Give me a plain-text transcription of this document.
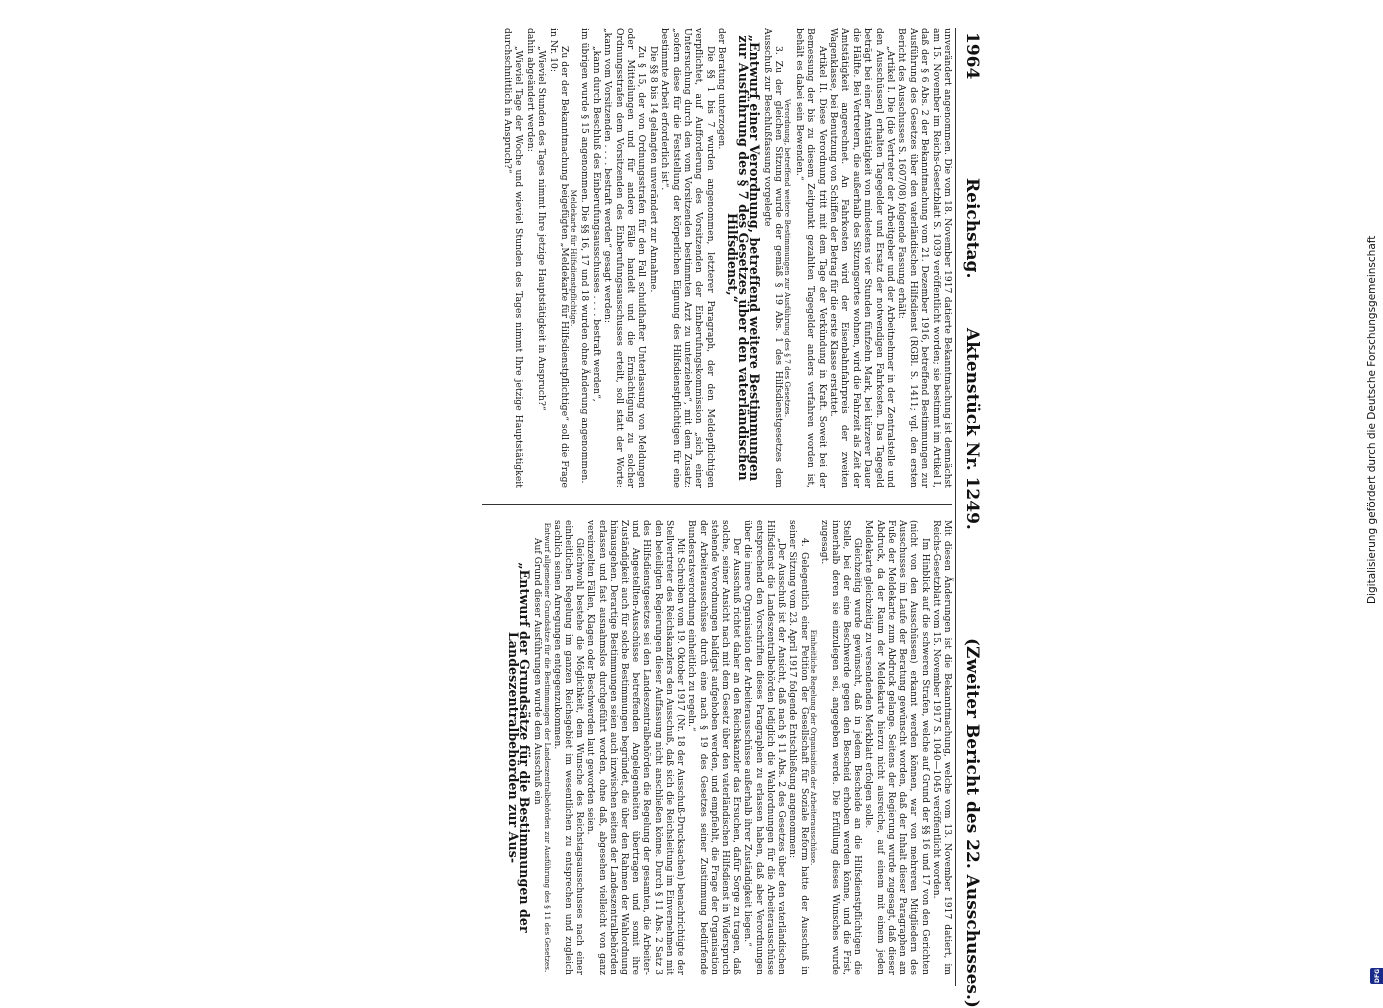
1964
Reichstag.
Aktenstück Nr. 1249.
(Zweiter Bericht des 22. Ausschusses.)

unverändert angenommen. Die vom 18. November 1917 datierte Bekanntmachung ist demnächst am 15. November im Reichs-Gesetzblatt S. 1039 veröffentlicht worden; sie bestimmt im Artikel I, daß der § 6 Abs. 2 der Bekanntmachung vom 21. Dezember 1916, betreffend Bestimmungen zur Ausführung des Gesetzes über den vaterländischen Hilfsdienst (RGBl. S. 1411; vgl. den ersten Bericht des Ausschusses S. 1607/08) folgende Fassung erhält:

„Artikel I. Die [die Vertreter der Arbeitgeber und der Arbeitnehmer in der Zentralstelle und den Ausschüssen] erhalten Tagegelder und Ersatz der notwendigen Fahrkosten. Das Tagegeld beträgt bei einer Amtstätigkeit von mindestens vier Stunden fünfzehn Mark, bei kürzerer Dauer die Hälfte. Bei Vertretern, die außerhalb des Sitzungsortes wohnen, wird die Fahrzeit als Zeit der Amtstätigkeit angerechnet. An Fahrkosten wird der Eisenbahnfahrpreis der zweiten Wagenklasse, bei Benutzung von Schiffen der Betrag für die erste Klasse erstattet.

Artikel II. Diese Verordnung tritt mit dem Tage der Verkündung in Kraft. Soweit bei der Bemessung der bis zu diesem Zeitpunkt gezahlten Tagegelder anders verfahren worden ist, behält es dabei sein Bewenden.“

Verordnung, betreffend weitere Bestimmungen zur Ausführung des § 7 des Gesetzes.

3. Zu der gleichen Sitzung wurde der gemäß § 19 Abs. 1 des Hilfsdienstgesetzes dem Ausschuß zur Beschlußfassung vorgelegte

„Entwurf einer Verordnung, betreffend weitere Bestimmungen zur Ausführung des § 7 des Gesetzes über den vaterländischen Hilfsdienst,“

der Beratung unterzogen.

Die §§ 1 bis 7 wurden angenommen, letzterer Paragraph, der den Meldepflichtigen verpflichtet, auf Aufforderung des Vorsitzenden der Einberufungskommission „sich einer Untersuchung durch den vom Vorsitzenden bestimmten Arzt zu unterziehen“, mit dem Zusatz: „sofern diese für die Feststellung der körperlichen Eignung des Hilfsdienstpflichtigen für eine bestimmte Arbeit erforderlich ist“.

Die §§ 8 bis 14 gelangten unverändert zur Annahme.

Zu § 15, der von Ordnungsstrafen für den Fall schuldhafter Unterlassung von Meldungen oder Mitteilungen und für andere Fälle handelt und die Ermächtigung zu solcher Ordnungsstrafen dem Vorsitzenden des Einberufungsausschusses erteilt, soll statt der Worte: „kann vom Vorsitzenden . . . . bestraft werden“ gesagt werden:

„kann durch Beschluß des Einberufungsausschusses . . . . bestraft werden“,

im übrigen wurde § 15 angenommen. Die §§ 16, 17 und 18 wurden ohne Änderung angenommen.

Meldekarte für Hilfsdienstpflichtige.

Zu der der Bekanntmachung beigefügten „Meldekarte für Hilfsdienstpflichtige“ soll die Frage in Nr. 10:

„Wieviel Stunden des Tages nimmt Ihre jetzige Hauptstätigkeit in Anspruch?“

dahin abgeändert werden:

„Wieviel Tage der Woche und wieviel Stunden des Tages nimmt Ihre jetzige Hauptstätigkeit durchschnittlich in Anspruch?“

Mit diesen Änderungen ist die Bekanntmachung, welche vom 13. November 1917 datiert, im Reichs-Gesetzblatt vom 15. November 1917 S. 1040—1045 veröffentlicht worden.

Im Hinblick auf die schweren Strafen, welche auf Grund der §§ 16 und 17 von den Gerichten (nicht von den Ausschüssen) erkannt werden können, war von mehreren Mitgliedern des Ausschusses im Laufe der Beratung gewünscht worden, daß der Inhalt dieser Paragraphen am Fuße der Meldekarte zum Abdruck gelange. Seitens der Regierung wurde zugesagt, daß dieser Abdruck, da der Raum der Meldekarte hierzu nicht ausreiche, auf einem mit einem jeden Meldekarte gleichzeitig zu versendenden Merkblatt erfolgen solle.

Gleichzeitig wurde gewünscht, daß in jedem Bescheide an die Hilfsdienstpflichtigen die Stelle, bei der eine Beschwerde gegen den Bescheid erhoben werden könne, und die Frist, innerhalb deren sie einzulegen sei, angegeben werde. Die Erfüllung dieses Wunsches wurde zugesagt.

Einheitliche Regelung der Organisation der Arbeiterausschüsse.

4. Gelegentlich einer Petition der Gesellschaft für Soziale Reform hatte der Ausschuß in seiner Sitzung vom 23. April 1917 folgende Entschließung angenommen:

„Der Ausschuß ist der Ansicht, daß nach § 11 Abs. 2 des Gesetzes über den vaterländischen Hilfsdienst die Landeszentralbehörden lediglich die Wahlordnungen für die Arbeiterausschüsse entsprechend den Vorschriften dieses Paragraphen zu erlassen haben, daß aber Verordnungen über die innere Organisation der Arbeiterausschüsse außerhalb ihrer Zuständigkeit liegen.“

Der Ausschuß richtet daher an den Reichskanzler das Ersuchen, dafür Sorge zu tragen, daß solche, seiner Ansicht nach mit dem Gesetz über den vaterländischen Hilfsdienst in Widerspruch stehende Verordnungen baldigst aufgehoben werden, und empfiehlt, die Frage der Organisation der Arbeiterausschüsse durch eine nach § 19 des Gesetzes seiner Zustimmung bedürfende Bundesratsverordnung einheitlich zu regeln.“

Mit Schreiben vom 19. Oktober 1917 (Nr. 18 der Ausschuß-Drucksachen) benachrichtigte der Stellvertreter des Reichskanzlers den Ausschuß, daß sich die Reichsleitung im Einvernehmen mit den beteiligten Regierungen dieser Auffassung nicht anschließen könne. Durch § 11 Abs. 2 Satz 3 des Hilfsdienstgesetzes sei den Landeszentralbehörden die Regelung der gesamten, die Arbeiter- und Angestellten-Ausschüsse betreffenden Angelegenheiten übertragen und somit ihre Zuständigkeit auch für solche Bestimmungen begründet, die über den Rahmen der Wahlordnung hinausgehen. Derartige Bestimmungen seien auch inzwischen seitens der Landeszentralbehörden erlassen und fast ausnahmslos durchgeführt worden, ohne daß, abgesehen vielleicht von ganz vereinzelten Fällen, Klagen oder Beschwerden laut geworden seien.

Gleichwohl bestehe die Möglichkeit, dem Wunsche des Reichstagsausschusses nach einer einheitlichen Regelung im ganzen Reichsgebiet im wesentlichen zu entsprechen und zugleich sachlich seinen Anregungen entgegenzukommen.

Entwurf allgemeiner Grundsätze für die Bestimmungen der Landeszentralbehörden zur Ausführung des § 11 des Gesetzes.

Auf Grund dieser Ausführungen wurde dem Ausschuß ein

„Entwurf der Grundsätze für die Bestimmungen der Landeszentralbehörden zur Aus-

Digitalisierung gefördert durch die Deutsche Forschungsgemeinschaft
DFG
